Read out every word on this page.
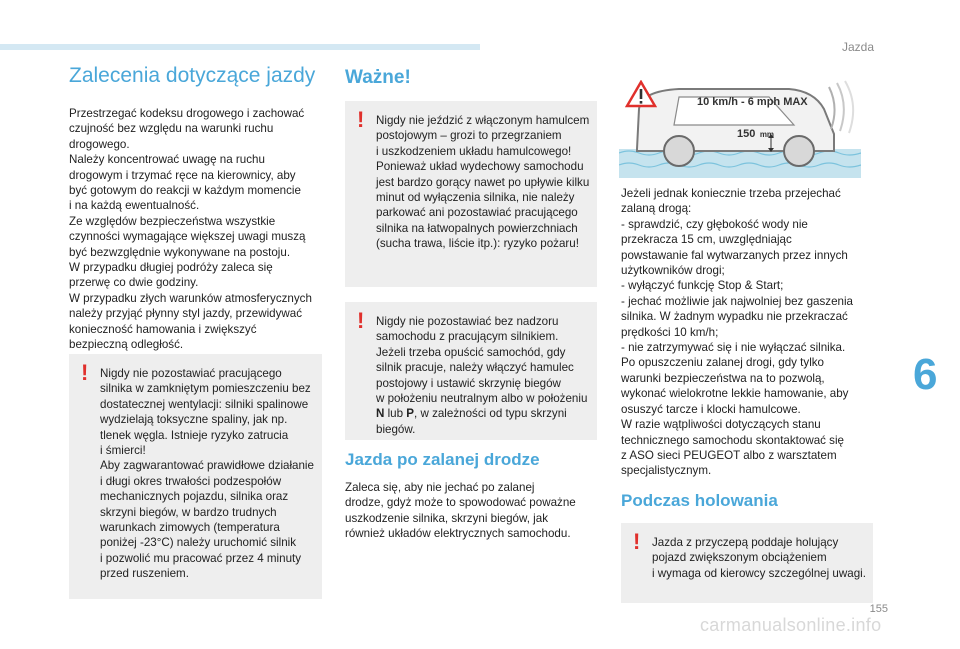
Jazda
6
Zalecenia dotyczące jazdy
Przestrzegać kodeksu drogowego i zachować
czujność bez względu na warunki ruchu
drogowego.
Należy koncentrować uwagę na ruchu
drogowym i trzymać ręce na kierownicy, aby
być gotowym do reakcji w każdym momencie
i na każdą ewentualność.
Ze względów bezpieczeństwa wszystkie
czynności wymagające większej uwagi muszą
być bezwzględnie wykonywane na postoju.
W przypadku długiej podróży zaleca się
przerwę co dwie godziny.
W przypadku złych warunków atmosferycznych
należy przyjąć płynny styl jazdy, przewidywać
konieczność hamowania i zwiększyć
bezpieczną odległość.
! Nigdy nie pozostawiać pracującego
silnika w zamkniętym pomieszczeniu bez
dostatecznej wentylacji: silniki spalinowe
wydzielają toksyczne spaliny, jak np.
tlenek węgla. Istnieje ryzyko zatrucia
i śmierci!
Aby zagwarantować prawidłowe działanie
i długi okres trwałości podzespołów
mechanicznych pojazdu, silnika oraz
skrzyni biegów, w bardzo trudnych
warunkach zimowych (temperatura
poniżej -23°C) należy uruchomić silnik
i pozwolić mu pracować przez 4 minuty
przed ruszeniem.
Ważne!
! Nigdy nie jeździć z włączonym hamulcem
postojowym – grozi to przegrzaniem
i uszkodzeniem układu hamulcowego!
Ponieważ układ wydechowy samochodu
jest bardzo gorący nawet po upływie kilku
minut od wyłączenia silnika, nie należy
parkować ani pozostawiać pracującego
silnika na łatwopalnych powierzchniach
(sucha trawa, liście itp.): ryzyko pożaru!
! Nigdy nie pozostawiać bez nadzoru
samochodu z pracującym silnikiem.
Jeżeli trzeba opuścić samochód, gdy
silnik pracuje, należy włączyć hamulec
postojowy i ustawić skrzynię biegów
w położeniu neutralnym albo w położeniu
N lub P, w zależności od typu skrzyni
biegów.
Jazda po zalanej drodze
Zaleca się, aby nie jechać po zalanej
drodze, gdyż może to spowodować poważne
uszkodzenie silnika, skrzyni biegów, jak
również układów elektrycznych samochodu.
10 km/h - 6 mph MAX
150 mm
Jeżeli jednak koniecznie trzeba przejechać
zalaną drogą:
- sprawdzić, czy głębokość wody nie
przekracza 15 cm, uwzględniając
powstawanie fal wytwarzanych przez innych
użytkowników drogi;
- wyłączyć funkcję Stop & Start;
- jechać możliwie jak najwolniej bez gaszenia
silnika. W żadnym wypadku nie przekraczać
prędkości 10 km/h;
- nie zatrzymywać się i nie wyłączać silnika.
Po opuszczeniu zalanej drogi, gdy tylko
warunki bezpieczeństwa na to pozwolą,
wykonać wielokrotne lekkie hamowanie, aby
osuszyć tarcze i klocki hamulcowe.
W razie wątpliwości dotyczących stanu
technicznego samochodu skontaktować się
z ASO sieci PEUGEOT albo z warsztatem
specjalistycznym.
Podczas holowania
! Jazda z przyczepą poddaje holujący
pojazd zwiększonym obciążeniem
i wymaga od kierowcy szczególnej uwagi.
155
carmanualsonline.info
